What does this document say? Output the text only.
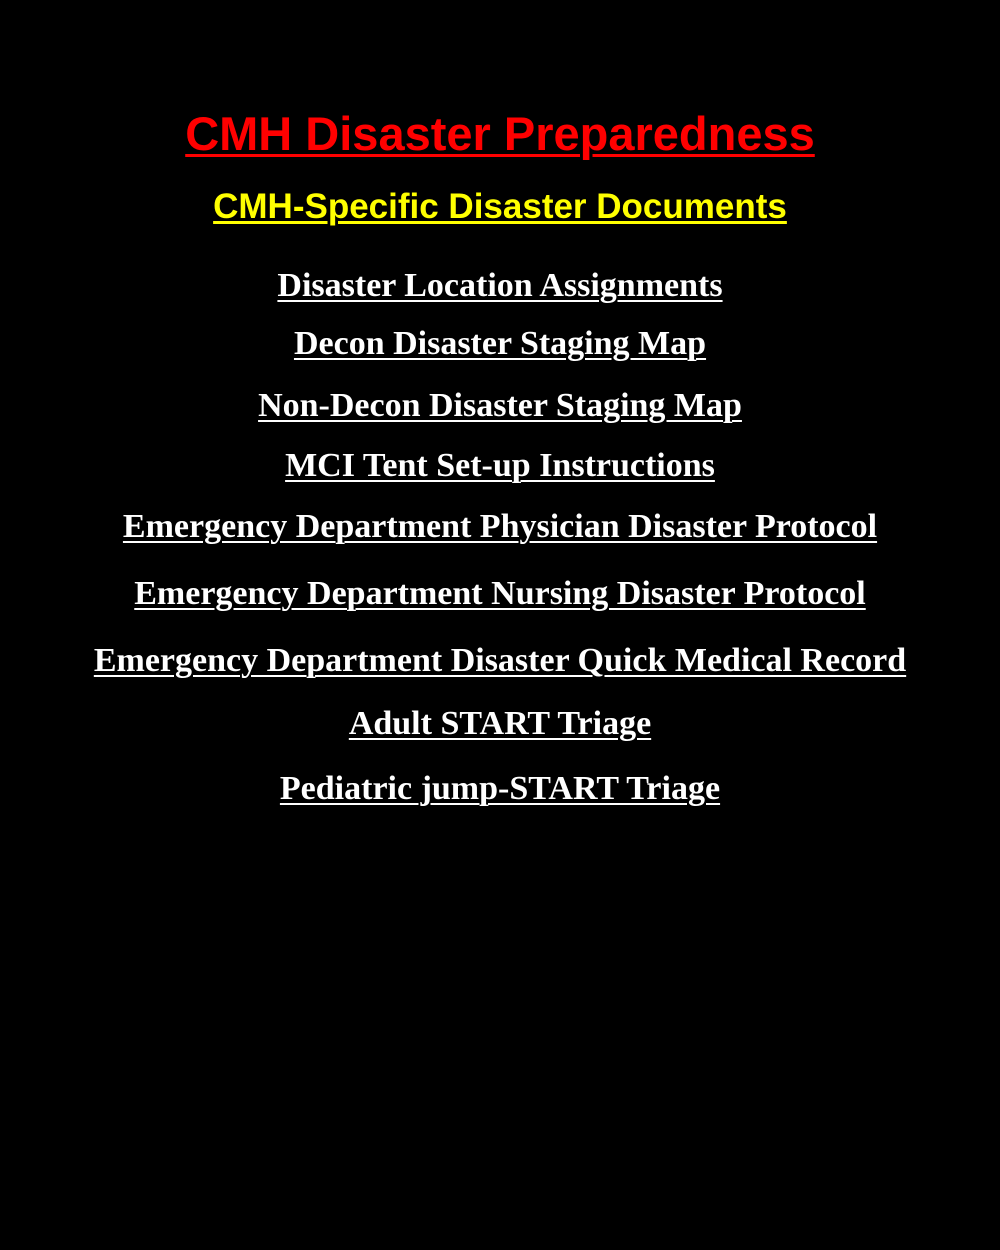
CMH Disaster Preparedness
CMH-Specific Disaster Documents
Disaster Location Assignments
Decon Disaster Staging Map
Non-Decon Disaster Staging Map
MCI Tent Set-up Instructions
Emergency Department Physician Disaster Protocol
Emergency Department Nursing Disaster Protocol
Emergency Department Disaster Quick Medical Record
Adult START Triage
Pediatric jump-START Triage
